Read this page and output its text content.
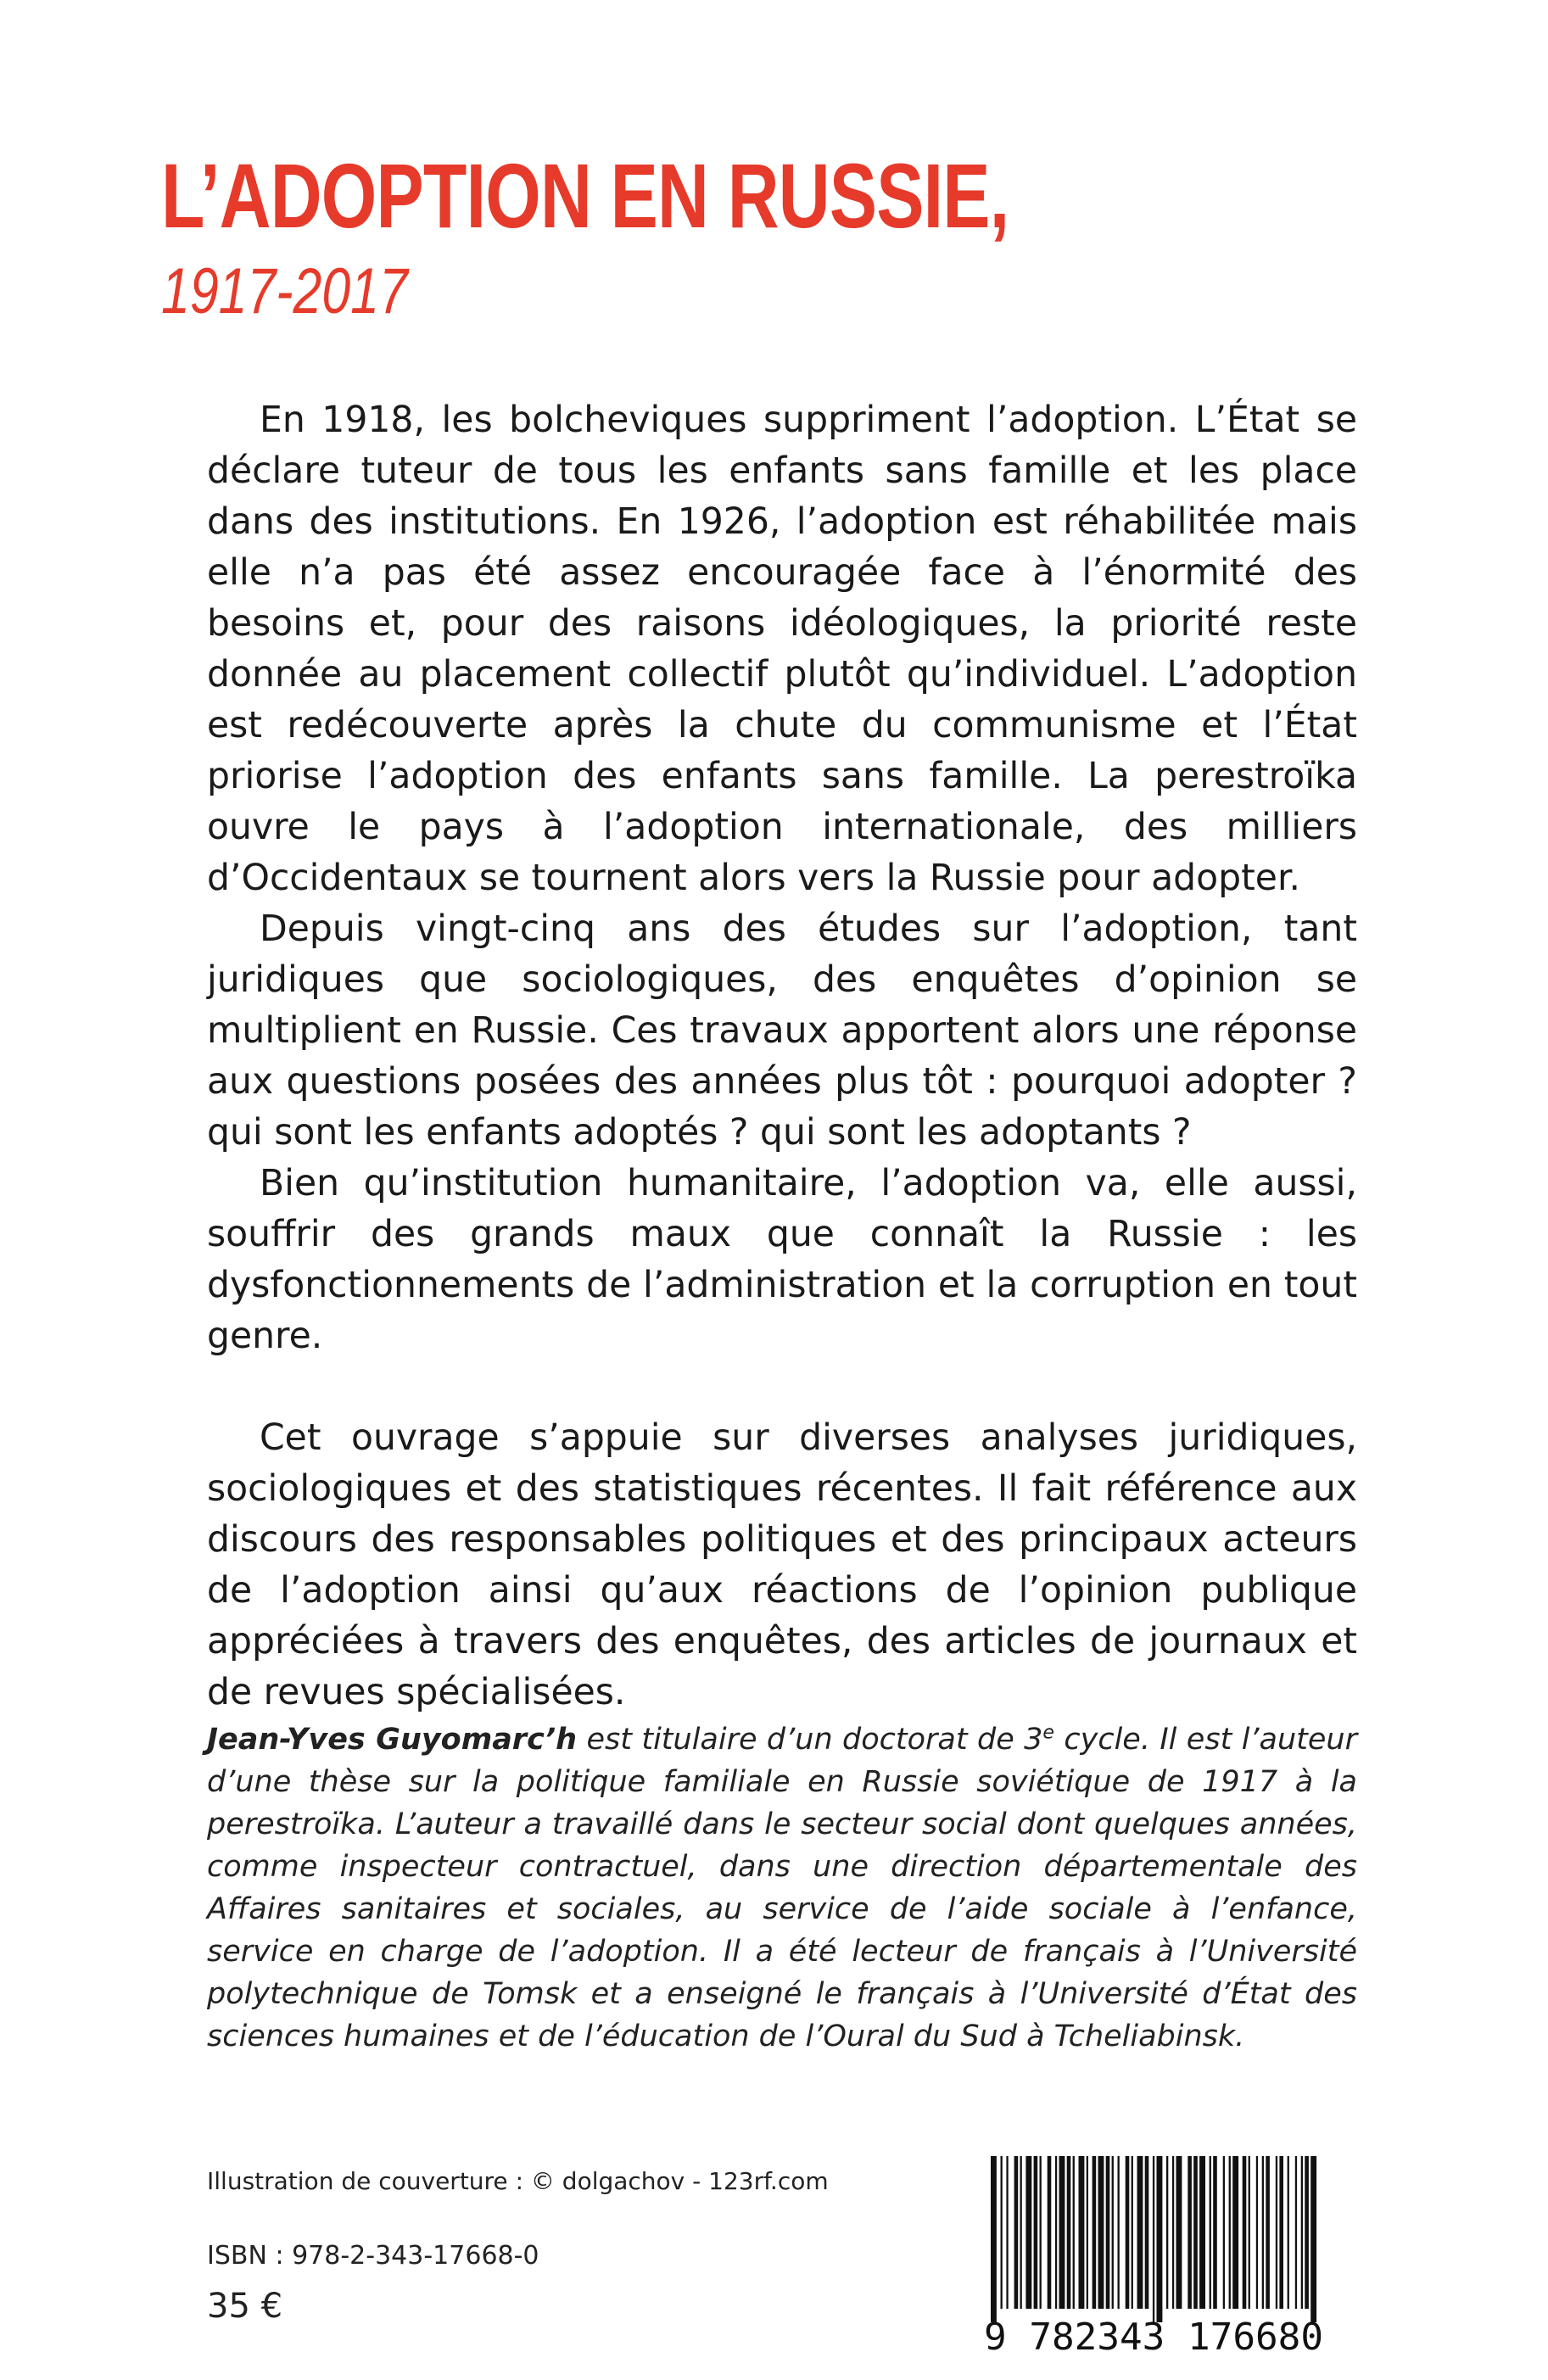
L’ADOPTION EN RUSSIE,
1917-2017

En 1918, les bolcheviques suppriment l’adoption. L’État se déclare tuteur de tous les enfants sans famille et les place dans des institutions. En 1926, l’adoption est réhabilitée mais elle n’a pas été assez encouragée face à l’énormité des besoins et, pour des raisons idéologiques, la priorité reste donnée au placement collectif plutôt qu’individuel. L’adoption est redécouverte après la chute du communisme et l’État priorise l’adoption des enfants sans famille. La perestroïka ouvre le pays à l’adoption internationale, des milliers d’Occidentaux se tournent alors vers la Russie pour adopter.

Depuis vingt-cinq ans des études sur l’adoption, tant juridiques que sociologiques, des enquêtes d’opinion se multiplient en Russie. Ces travaux apportent alors une réponse aux questions posées des années plus tôt : pourquoi adopter ? qui sont les enfants adoptés ? qui sont les adoptants ?

Bien qu’institution humanitaire, l’adoption va, elle aussi, souffrir des grands maux que connaît la Russie : les dysfonctionnements de l’administration et la corruption en tout genre.

Cet ouvrage s’appuie sur diverses analyses juridiques, sociologiques et des statistiques récentes. Il fait référence aux discours des responsables politiques et des principaux acteurs de l’adoption ainsi qu’aux réactions de l’opinion publique appréciées à travers des enquêtes, des articles de journaux et de revues spécialisées.

Jean-Yves Guyomarc’h est titulaire d’un doctorat de 3e cycle. Il est l’auteur d’une thèse sur la politique familiale en Russie soviétique de 1917 à la perestroïka. L’auteur a travaillé dans le secteur social dont quelques années, comme inspecteur contractuel, dans une direction départementale des Affaires sanitaires et sociales, au service de l’aide sociale à l’enfance, service en charge de l’adoption. Il a été lecteur de français à l’Université polytechnique de Tomsk et a enseigné le français à l’Université d’État des sciences humaines et de l’éducation de l’Oural du Sud à Tcheliabinsk.
Illustration de couverture : © dolgachov - 123rf.com
ISBN : 978-2-343-17668-0
35 €
9 782343 176680
